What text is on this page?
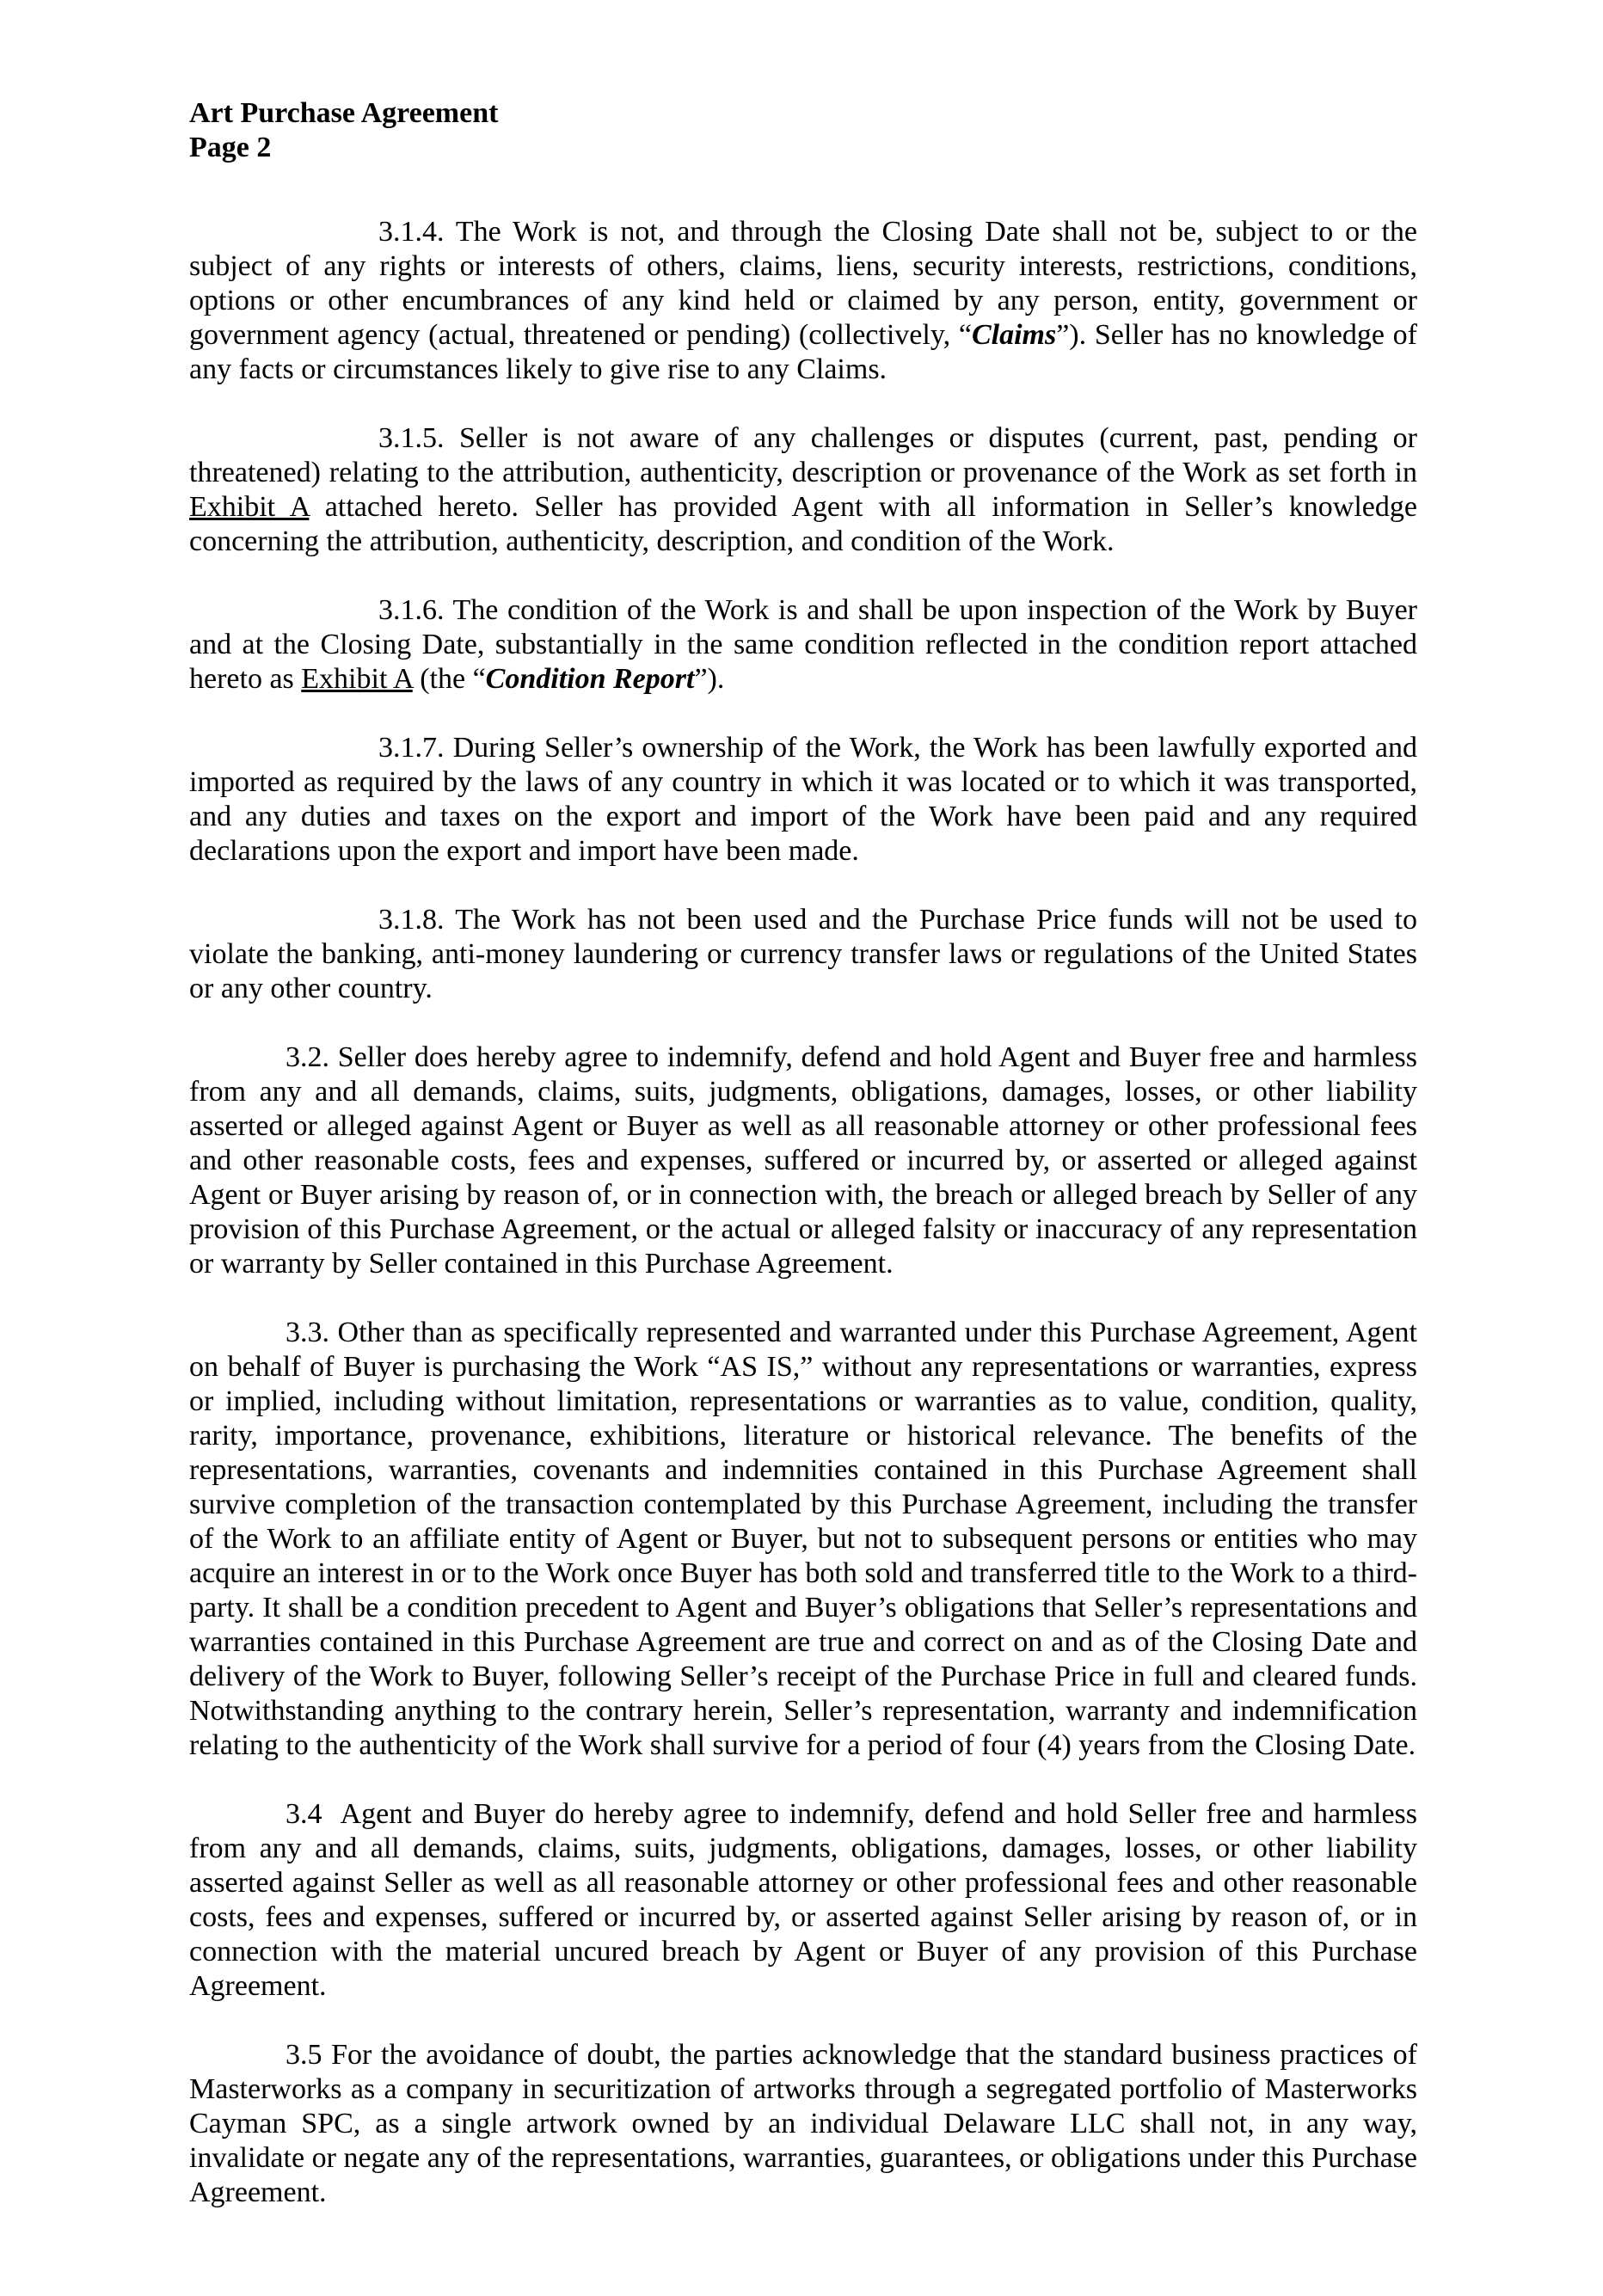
Art Purchase Agreement
Page 2

3.1.4. The Work is not, and through the Closing Date shall not be, subject to or the subject of any rights or interests of others, claims, liens, security interests, restrictions, conditions, options or other encumbrances of any kind held or claimed by any person, entity, government or government agency (actual, threatened or pending) (collectively, “Claims”). Seller has no knowledge of any facts or circumstances likely to give rise to any Claims.

3.1.5. Seller is not aware of any challenges or disputes (current, past, pending or threatened) relating to the attribution, authenticity, description or provenance of the Work as set forth in Exhibit A attached hereto. Seller has provided Agent with all information in Seller’s knowledge concerning the attribution, authenticity, description, and condition of the Work.

3.1.6. The condition of the Work is and shall be upon inspection of the Work by Buyer and at the Closing Date, substantially in the same condition reflected in the condition report attached hereto as Exhibit A (the “Condition Report”).

3.1.7. During Seller’s ownership of the Work, the Work has been lawfully exported and imported as required by the laws of any country in which it was located or to which it was transported, and any duties and taxes on the export and import of the Work have been paid and any required declarations upon the export and import have been made.

3.1.8. The Work has not been used and the Purchase Price funds will not be used to violate the banking, anti-money laundering or currency transfer laws or regulations of the United States or any other country.

3.2. Seller does hereby agree to indemnify, defend and hold Agent and Buyer free and harmless from any and all demands, claims, suits, judgments, obligations, damages, losses, or other liability asserted or alleged against Agent or Buyer as well as all reasonable attorney or other professional fees and other reasonable costs, fees and expenses, suffered or incurred by, or asserted or alleged against Agent or Buyer arising by reason of, or in connection with, the breach or alleged breach by Seller of any provision of this Purchase Agreement, or the actual or alleged falsity or inaccuracy of any representation or warranty by Seller contained in this Purchase Agreement.

3.3. Other than as specifically represented and warranted under this Purchase Agreement, Agent on behalf of Buyer is purchasing the Work “AS IS,” without any representations or warranties, express or implied, including without limitation, representations or warranties as to value, condition, quality, rarity, importance, provenance, exhibitions, literature or historical relevance. The benefits of the representations, warranties, covenants and indemnities contained in this Purchase Agreement shall survive completion of the transaction contemplated by this Purchase Agreement, including the transfer of the Work to an affiliate entity of Agent or Buyer, but not to subsequent persons or entities who may acquire an interest in or to the Work once Buyer has both sold and transferred title to the Work to a third-party. It shall be a condition precedent to Agent and Buyer’s obligations that Seller’s representations and warranties contained in this Purchase Agreement are true and correct on and as of the Closing Date and delivery of the Work to Buyer, following Seller’s receipt of the Purchase Price in full and cleared funds. Notwithstanding anything to the contrary herein, Seller’s representation, warranty and indemnification relating to the authenticity of the Work shall survive for a period of four (4) years from the Closing Date.

3.4  Agent and Buyer do hereby agree to indemnify, defend and hold Seller free and harmless from any and all demands, claims, suits, judgments, obligations, damages, losses, or other liability asserted against Seller as well as all reasonable attorney or other professional fees and other reasonable costs, fees and expenses, suffered or incurred by, or asserted against Seller arising by reason of, or in connection with the material uncured breach by Agent or Buyer of any provision of this Purchase Agreement.

3.5 For the avoidance of doubt, the parties acknowledge that the standard business practices of Masterworks as a company in securitization of artworks through a segregated portfolio of Masterworks Cayman SPC, as a single artwork owned by an individual Delaware LLC shall not, in any way, invalidate or negate any of the representations, warranties, guarantees, or obligations under this Purchase Agreement.
